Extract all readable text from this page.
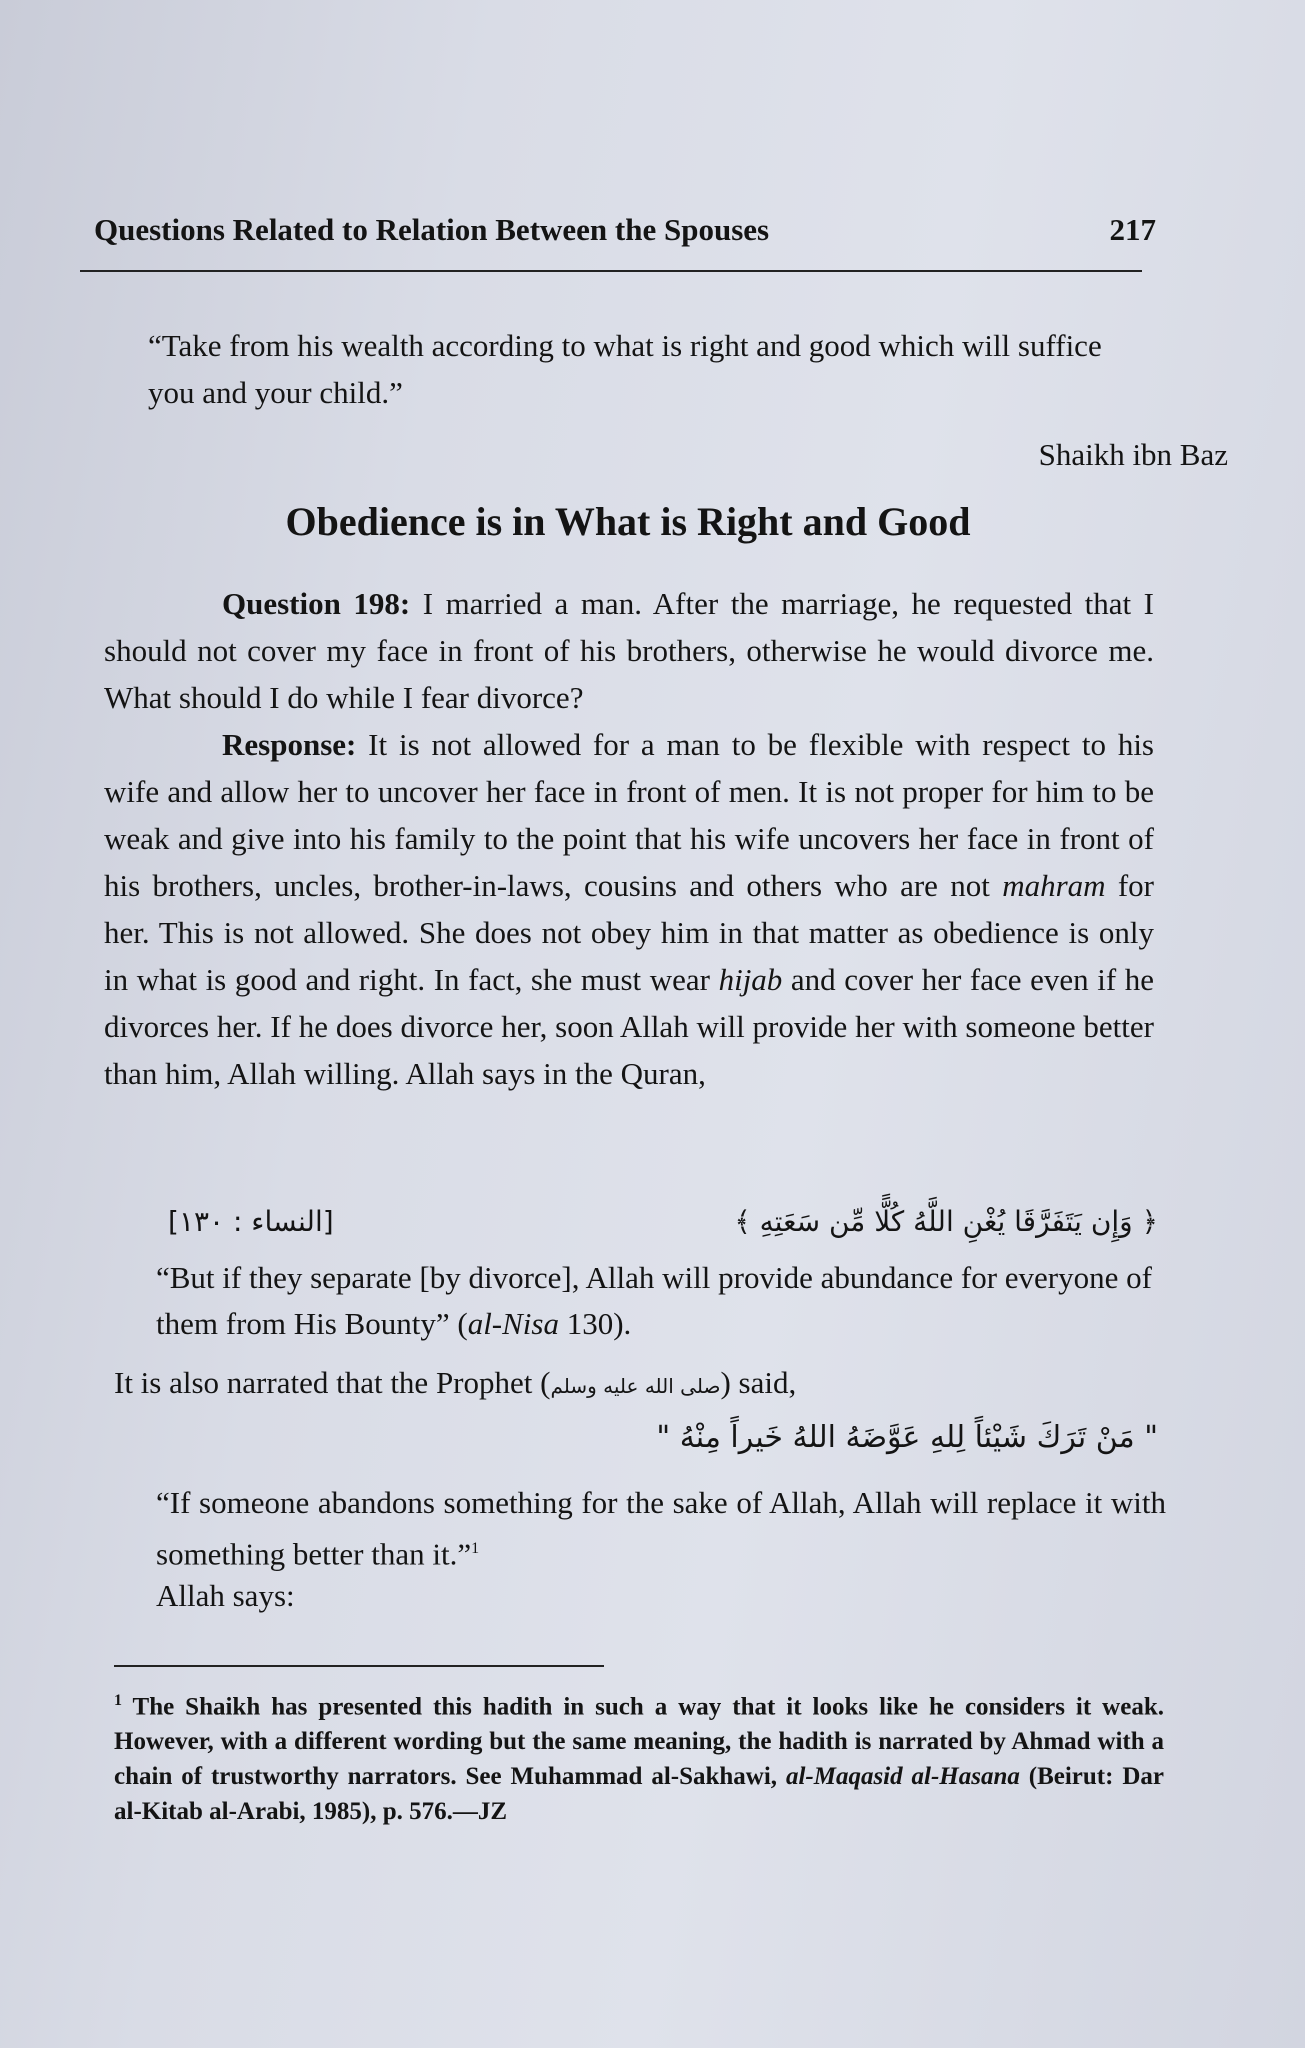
Questions Related to Relation Between the Spouses	217
“Take from his wealth according to what is right and good which will suffice you and your child.”
Shaikh ibn Baz
Obedience is in What is Right and Good

Question 198: I married a man. After the marriage, he requested that I should not cover my face in front of his brothers, otherwise he would divorce me. What should I do while I fear divorce?

Response: It is not allowed for a man to be flexible with respect to his wife and allow her to uncover her face in front of men. It is not proper for him to be weak and give into his family to the point that his wife uncovers her face in front of his brothers, uncles, brother-in-laws, cousins and others who are not mahram for her. This is not allowed. She does not obey him in that matter as obedience is only in what is good and right. In fact, she must wear hijab and cover her face even if he divorces her. If he does divorce her, soon Allah will provide her with someone better than him, Allah willing. Allah says in the Quran,

﴿ وَإِن يَتَفَرَّقَا يُغْنِ اللَّهُ كُلًّا مِّن سَعَتِهِ ﴾
[النساء : ١٣٠]
“But if they separate [by divorce], Allah will provide abundance for everyone of them from His Bounty” (al-Nisa 130).
It is also narrated that the Prophet (صلى الله عليه وسلم) said,
" مَنْ تَرَكَ شَيْئاً لِلهِ عَوَّضَهُ اللهُ خَيراً مِنْهُ "
“If someone abandons something for the sake of Allah, Allah will replace it with something better than it.”$^1$
Allah says:
$^1$ The Shaikh has presented this hadith in such a way that it looks like he considers it weak. However, with a different wording but the same meaning, the hadith is narrated by Ahmad with a chain of trustworthy narrators. See Muhammad al-Sakhawi, al-Maqasid al-Hasana (Beirut: Dar al-Kitab al-Arabi, 1985), p. 576.—JZ
